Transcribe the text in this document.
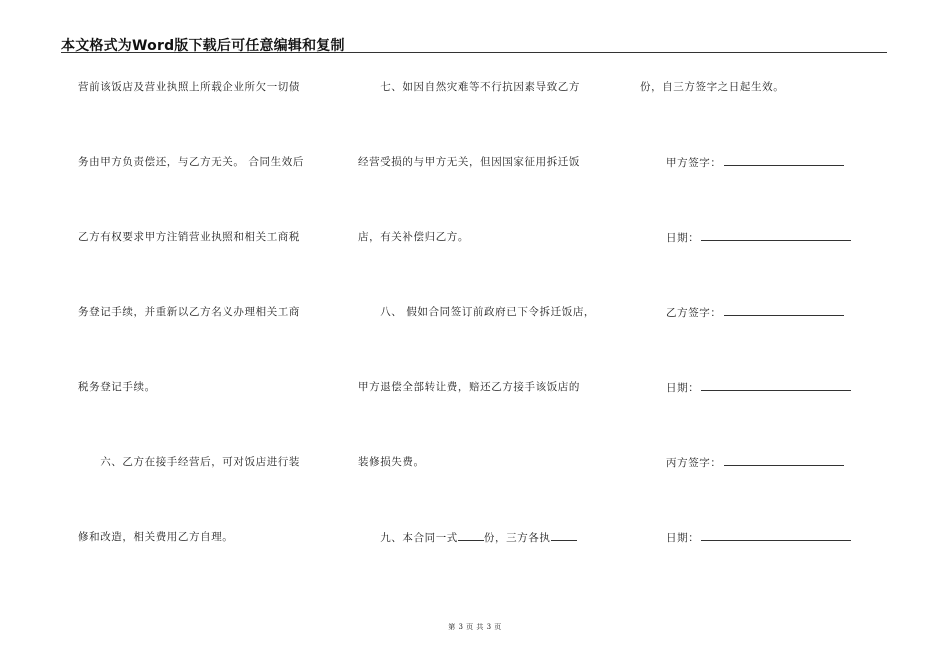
本文格式为Word版下载后可任意编辑和复制
营前该饭店及营业执照上所载企业所欠一切债
务由甲方负责偿还，与乙方无关。 合同生效后
乙方有权要求甲方注销营业执照和相关工商税
务登记手续，并重新以乙方名义办理相关工商
税务登记手续。
　　六、乙方在接手经营后，可对饭店进行装
修和改造，相关费用乙方自理。
　　七、如因自然灾难等不行抗因素导致乙方
经营受损的与甲方无关，但因国家征用拆迁饭
店，有关补偿归乙方。
　　八、 假如合同签订前政府已下令拆迁饭店，
甲方退偿全部转让费，赔还乙方接手该饭店的
装修损失费。
　　九、本合同一式 份，三方各执
份，自三方签字之日起生效。
甲方签字：
日期：
乙方签字：
日期：
丙方签字：
日期：
第 3 页 共 3 页
